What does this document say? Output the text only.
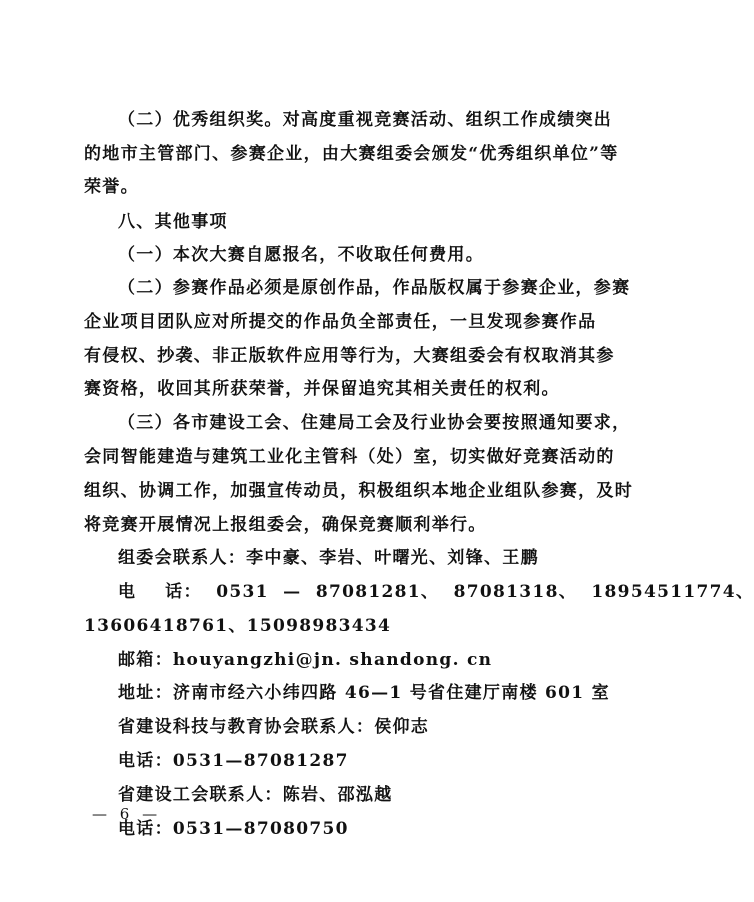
（二）优秀组织奖。对高度重视竞赛活动、组织工作成绩突出
的地市主管部门、参赛企业，由大赛组委会颁发“优秀组织单位”等
荣誉。
八、其他事项
（一）本次大赛自愿报名，不收取任何费用。
（二）参赛作品必须是原创作品，作品版权属于参赛企业，参赛
企业项目团队应对所提交的作品负全部责任，一旦发现参赛作品
有侵权、抄袭、非正版软件应用等行为，大赛组委会有权取消其参
赛资格，收回其所获荣誉，并保留追究其相关责任的权利。
（三）各市建设工会、住建局工会及行业协会要按照通知要求，
会同智能建造与建筑工业化主管科（处）室，切实做好竞赛活动的
组织、协调工作，加强宣传动员，积极组织本地企业组队参赛，及时
将竞赛开展情况上报组委会，确保竞赛顺利举行。
组委会联系人：李中豪、李岩、叶曙光、刘锋、王鹏
电    话：  0531  —  87081281、  87081318、  18954511774、
13606418761、15098983434
邮箱：houyangzhi@jn. shandong. cn
地址：济南市经六小纬四路 46—1 号省住建厅南楼 601 室
省建设科技与教育协会联系人：侯仰志
电话：0531—87081287
省建设工会联系人：陈岩、邵泓越
电话：0531—87080750
— 6 —
